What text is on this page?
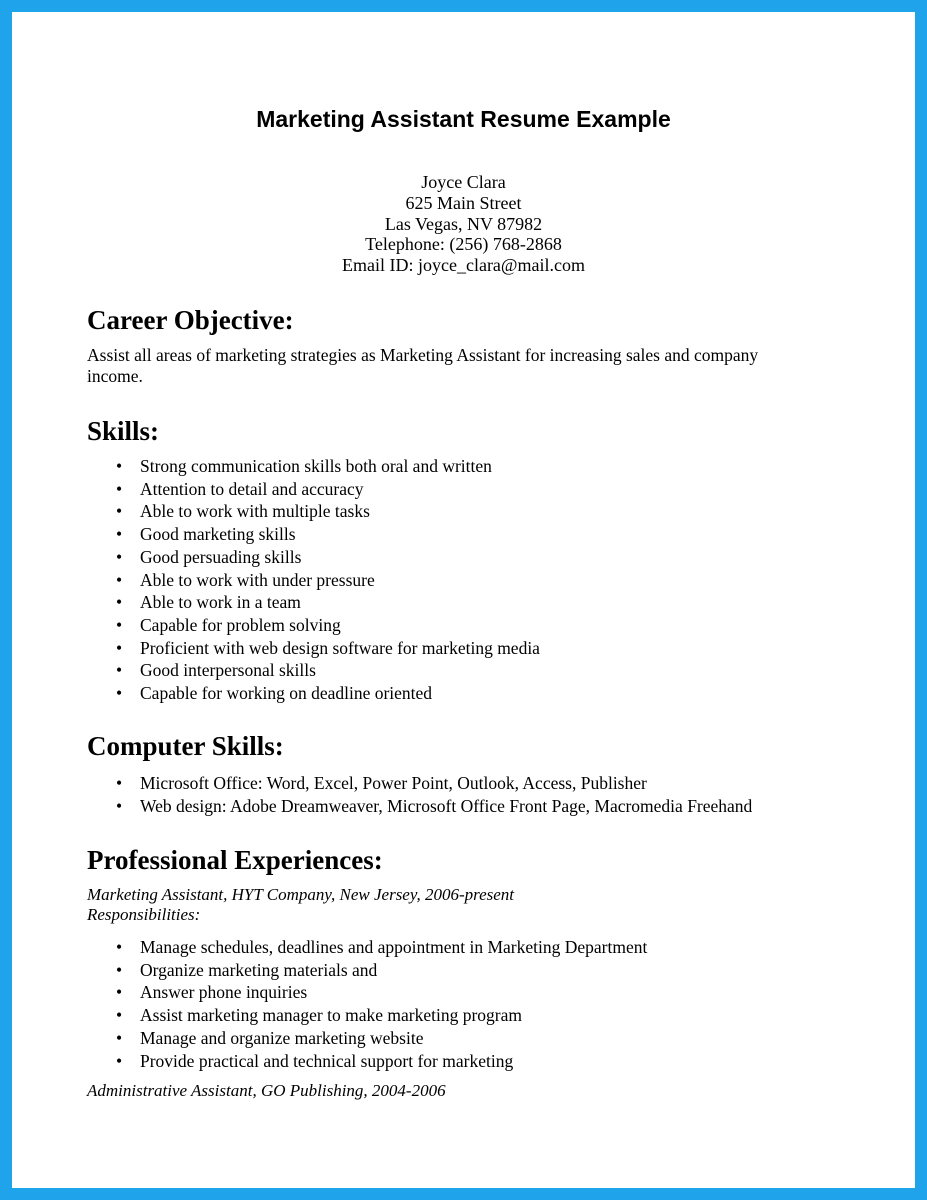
Marketing Assistant Resume Example
Joyce Clara
625 Main Street
Las Vegas, NV 87982
Telephone: (256) 768-2868
Email ID: joyce_clara@mail.com
Career Objective:

Assist all areas of marketing strategies as Marketing Assistant for increasing sales and company income.

Skills:
• Strong communication skills both oral and written
• Attention to detail and accuracy
• Able to work with multiple tasks
• Good marketing skills
• Good persuading skills
• Able to work with under pressure
• Able to work in a team
• Capable for problem solving
• Proficient with web design software for marketing media
• Good interpersonal skills
• Capable for working on deadline oriented
Computer Skills:
• Microsoft Office: Word, Excel, Power Point, Outlook, Access, Publisher
• Web design: Adobe Dreamweaver, Microsoft Office Front Page, Macromedia Freehand
Professional Experiences:

Marketing Assistant, HYT Company, New Jersey, 2006-present

Responsibilities:

• Manage schedules, deadlines and appointment in Marketing Department
• Organize marketing materials and
• Answer phone inquiries
• Assist marketing manager to make marketing program
• Manage and organize marketing website
• Provide practical and technical support for marketing

Administrative Assistant, GO Publishing, 2004-2006
